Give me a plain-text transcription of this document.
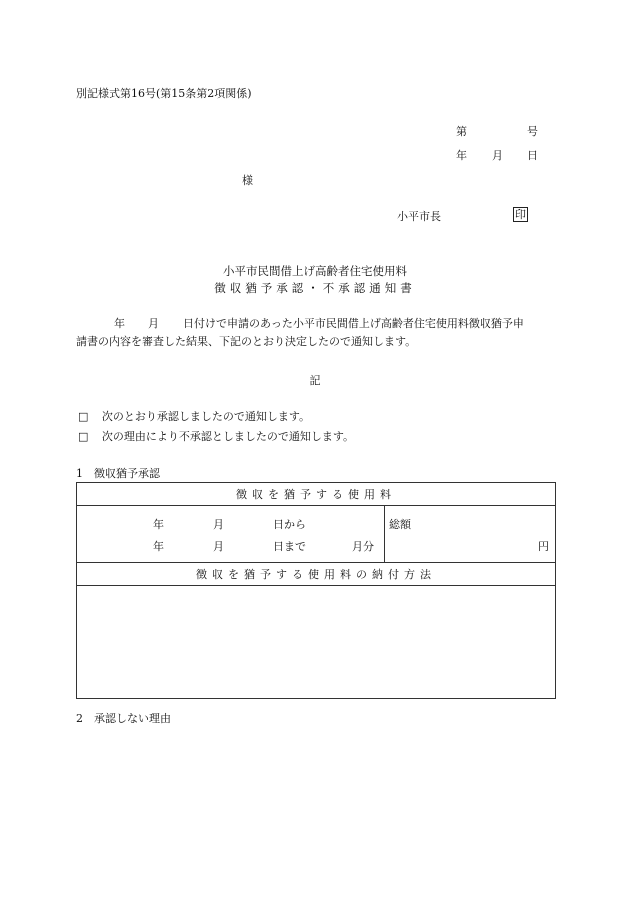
別記様式第16号(第15条第2項関係)
第	号
年 月 日
様
小平市長	印
小平市民間借上げ高齢者住宅使用料
徴収猶予承認・不承認通知書
年 月 日付けで申請のあった小平市民間借上げ高齢者住宅使用料徴収猶予申
請書の内容を審査した結果、下記のとおり決定したので通知します。
記
□ 次のとおり承認しましたので通知します。
□ 次の理由により不承認としましたので通知します。
1　徴収猶予承認
徴収を猶予する使用料

年	月	日から
年	月	日まで	月分

総額
円

徴収を猶予する使用料の納付方法

2　承認しない理由
